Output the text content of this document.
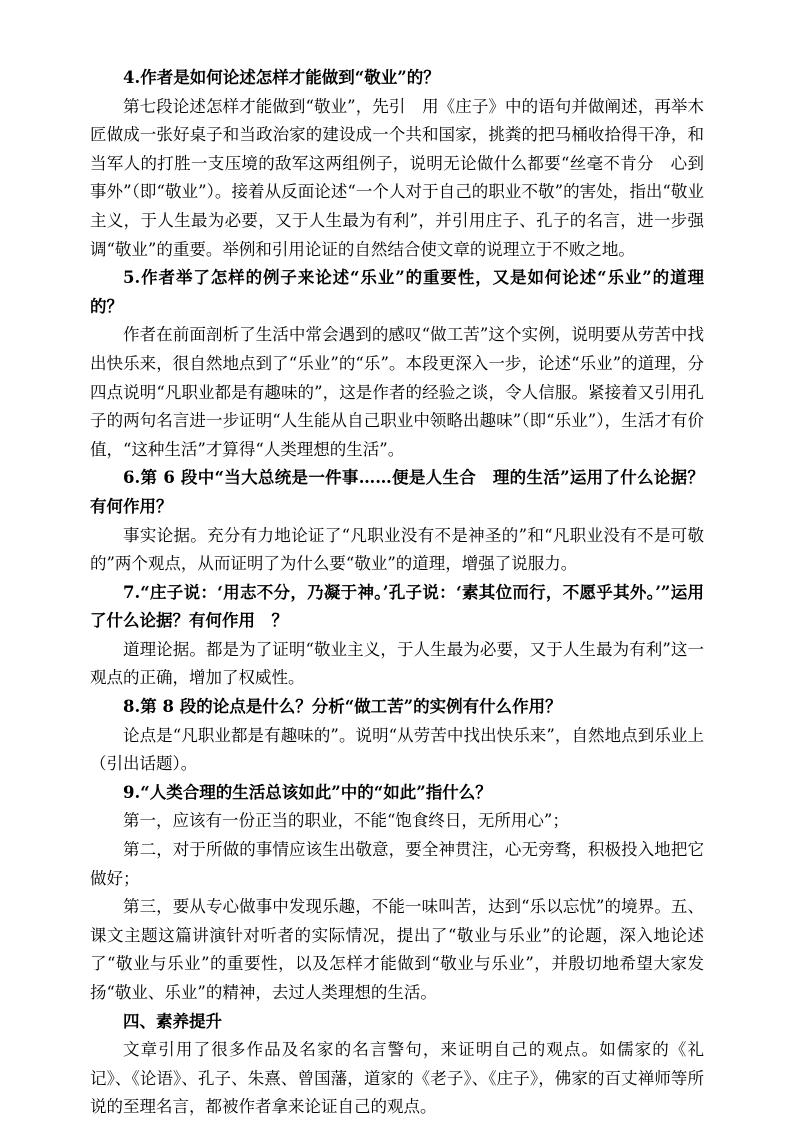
4.作者是如何论述怎样才能做到“敬业”的？

第七段论述怎样才能做到“敬业”，先引　用《庄子》中的语句并做阐述，再举木匠做成一张好桌子和当政治家的建设成一个共和国家，挑粪的把马桶收拾得干净，和当军人的打胜一支压境的敌军这两组例子，说明无论做什么都要“丝毫不肯分　心到事外”（即“敬业”）。接着从反面论述“一个人对于自己的职业不敬”的害处，指出“敬业主义，于人生最为必要，又于人生最为有利”，并引用庄子、孔子的名言，进一步强调“敬业”的重要。举例和引用论证的自然结合使文章的说理立于不败之地。

5.作者举了怎样的例子来论述“乐业”的重要性，又是如何论述“乐业”的道理的？

作者在前面剖析了生活中常会遇到的感叹“做工苦”这个实例，说明要从劳苦中找出快乐来，很自然地点到了“乐业”的“乐”。本段更深入一步，论述“乐业”的道理，分四点说明“凡职业都是有趣味的”，这是作者的经验之谈，令人信服。紧接着又引用孔子的两句名言进一步证明“人生能从自己职业中领略出趣味”（即“乐业”），生活才有价值，“这种生活”才算得“人类理想的生活”。

6.第 6 段中“当大总统是一件事……便是人生合　理的生活”运用了什么论据？有何作用？

事实论据。充分有力地论证了“凡职业没有不是神圣的”和“凡职业没有不是可敬的”两个观点，从而证明了为什么要“敬业”的道理，增强了说服力。

7.“庄子说：‘用志不分，乃凝于神。’孔子说：‘素其位而行，不愿乎其外。’”运用了什么论据？有何作用　？

道理论据。都是为了证明“敬业主义，于人生最为必要，又于人生最为有利”这一观点的正确，增加了权威性。

8.第 8 段的论点是什么？分析“做工苦”的实例有什么作用？

论点是“凡职业都是有趣味的”。说明“从劳苦中找出快乐来”，自然地点到乐业上（引出话题）。

9.“人类合理的生活总该如此”中的“如此”指什么？

第一，应该有一份正当的职业，不能“饱食终日，无所用心”；

第二，对于所做的事情应该生出敬意，要全神贯注，心无旁骛，积极投入地把它做好；

第三，要从专心做事中发现乐趣，不能一味叫苦，达到“乐以忘忧”的境界。五、课文主题这篇讲演针对听者的实际情况，提出了“敬业与乐业”的论题，深入地论述了“敬业与乐业”的重要性，以及怎样才能做到“敬业与乐业”，并殷切地希望大家发扬“敬业、乐业”的精神，去过人类理想的生活。

四、素养提升

文章引用了很多作品及名家的名言警句，来证明自己的观点。如儒家的《礼记》、《论语》、孔子、朱熹、曾国藩，道家的《老子》、《庄子》，佛家的百丈禅师等所说的至理名言，都被作者拿来论证自己的观点。
